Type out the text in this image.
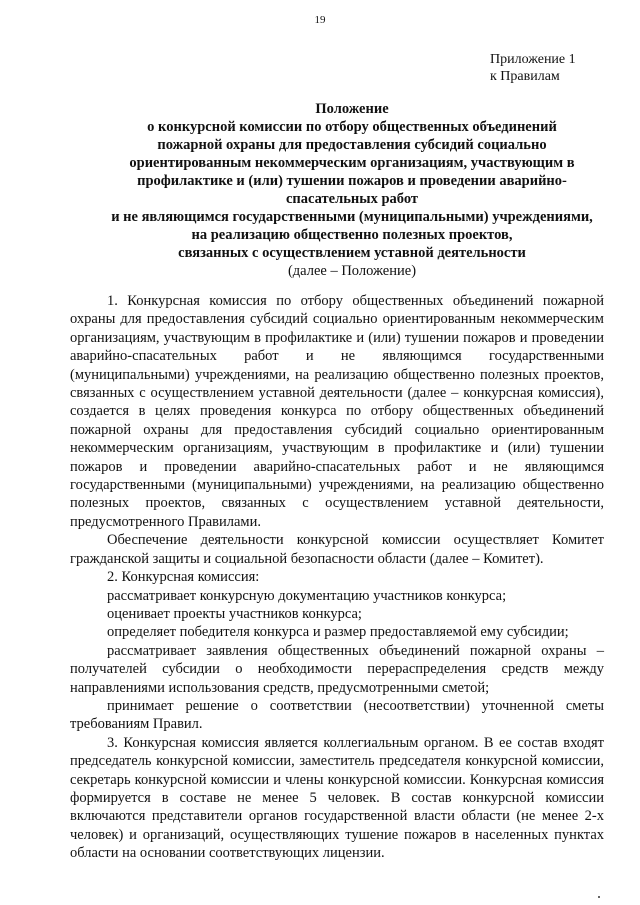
19
Приложение 1
к Правилам
Положение
о конкурсной комиссии по отбору общественных объединений
пожарной охраны для предоставления субсидий социально
ориентированным некоммерческим организациям, участвующим в
профилактике и (или) тушении пожаров и проведении аварийно-
спасательных работ
и не являющимся государственными (муниципальными) учреждениями,
на реализацию общественно полезных проектов,
связанных с осуществлением уставной деятельности
(далее – Положение)

1. Конкурсная комиссия по отбору общественных объединений пожарной охраны для предоставления субсидий социально ориентированным некоммерческим организациям, участвующим в профилактике и (или) тушении пожаров и проведении аварийно-спасательных работ и не являющимся государственными (муниципальными) учреждениями, на реализацию общественно полезных проектов, связанных с осуществлением уставной деятельности (далее – конкурсная комиссия), создается в целях проведения конкурса по отбору общественных объединений пожарной охраны для предоставления субсидий социально ориентированным некоммерческим организациям, участвующим в профилактике и (или) тушении пожаров и проведении аварийно-спасательных работ и не являющимся государственными (муниципальными) учреждениями, на реализацию общественно полезных проектов, связанных с осуществлением уставной деятельности, предусмотренного Правилами.

Обеспечение деятельности конкурсной комиссии осуществляет Комитет гражданской защиты и социальной безопасности области (далее – Комитет).

2. Конкурсная комиссия:

рассматривает конкурсную документацию участников конкурса;

оценивает проекты участников конкурса;

определяет победителя конкурса и размер предоставляемой ему субсидии;

рассматривает заявления общественных объединений пожарной охраны – получателей субсидии о необходимости перераспределения средств между направлениями использования средств, предусмотренными сметой;

принимает решение о соответствии (несоответствии) уточненной сметы требованиям Правил.

3. Конкурсная комиссия является коллегиальным органом. В ее состав входят председатель конкурсной комиссии, заместитель председателя конкурсной комиссии, секретарь конкурсной комиссии и члены конкурсной комиссии. Конкурсная комиссия формируется в составе не менее 5 человек. В состав конкурсной комиссии включаются представители органов государственной власти области (не менее 2-х человек) и организаций, осуществляющих тушение пожаров в населенных пунктах области на основании соответствующих лицензии.
